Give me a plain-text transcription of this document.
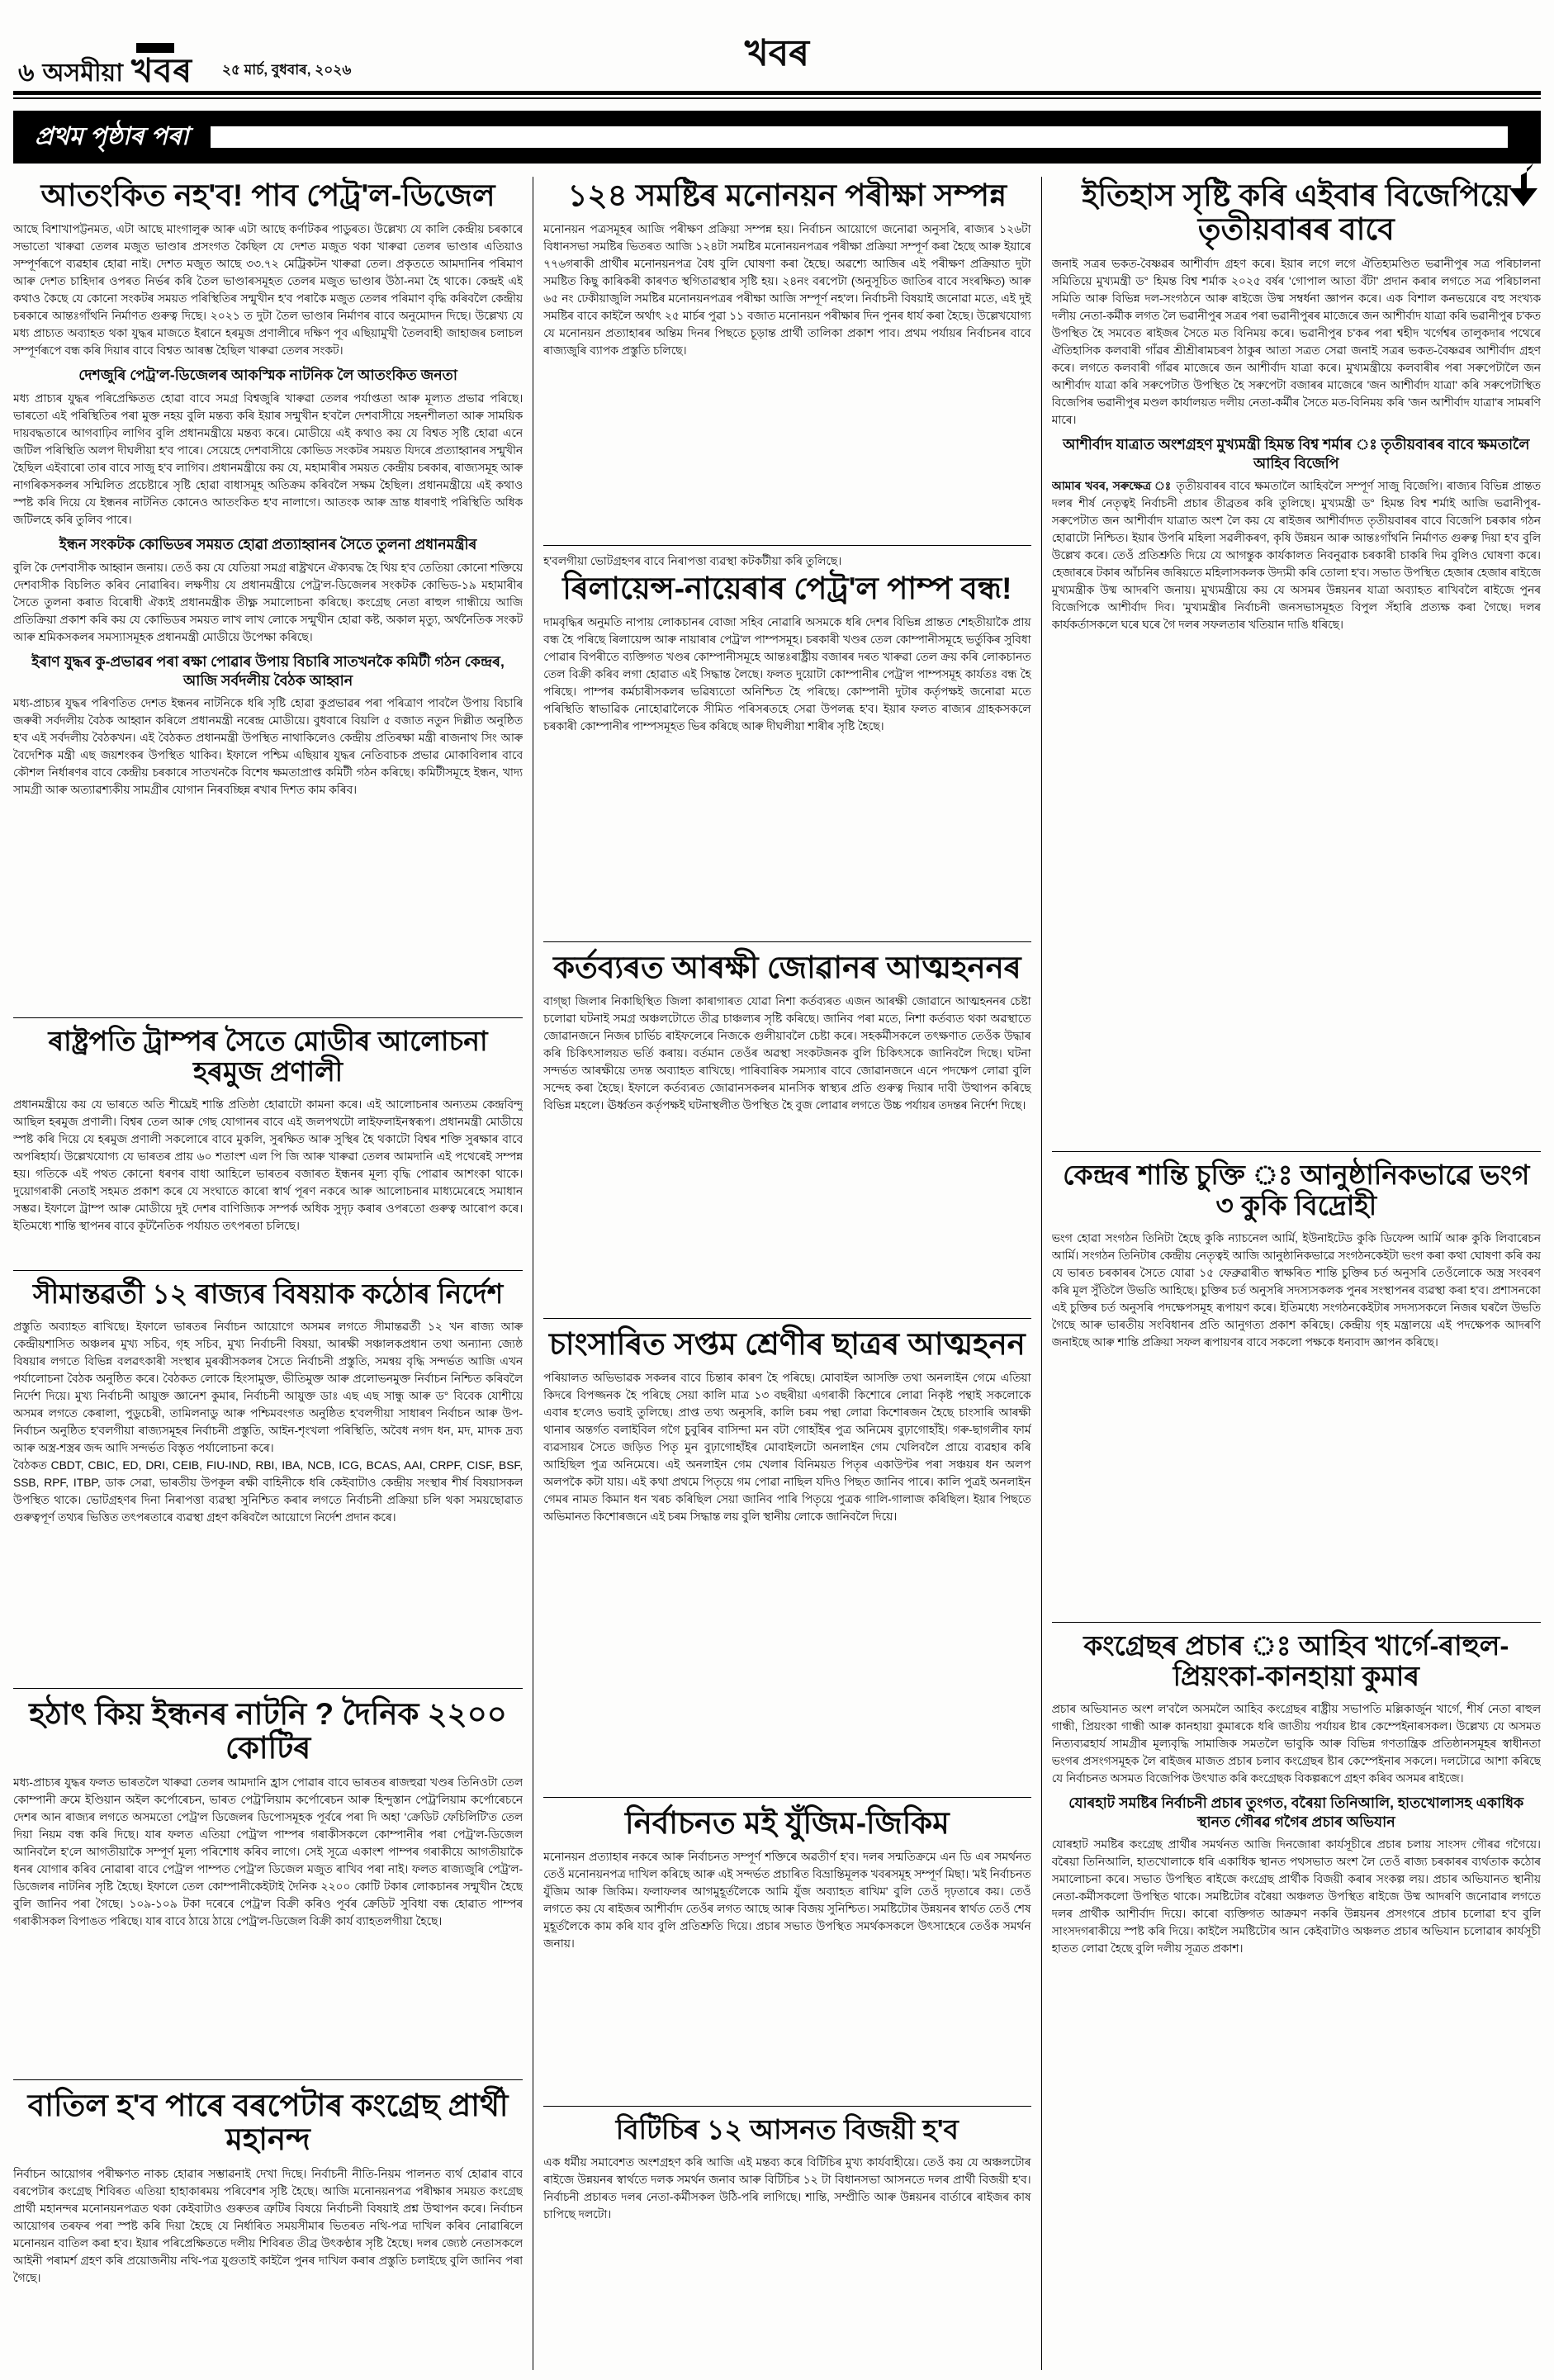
৬ অসমীয়া খবৰ ২৫ মাৰ্চ, বুধবাৰ, ২০২৬	খবৰ
প্ৰথম পৃষ্ঠাৰ পৰা
আতংকিত নহ'ব! পাব পেট্ৰ'ল-ডিজেল
আছে বিশাখাপট্টনমত, এটা আছে মাংগালুৰু আৰু এটা আছে কৰ্ণাটকৰ পাডুৰত। উল্লেখ্য যে কালি কেন্দ্ৰীয় চৰকাৰে সভাতো খাৰুৱা তেলৰ মজুত ভাণ্ডাৰ প্ৰসংগত কৈছিল যে দেশত মজুত থকা খাৰুৱা তেলৰ ভাণ্ডাৰ এতিয়াও সম্পূৰ্ণৰূপে ব্যৱহাৰ হোৱা নাই। দেশত মজুত আছে ৩৩.৭২ মেট্ৰিকটন খাৰুৱা তেল। প্ৰকৃততে আমদানিৰ পৰিমাণ আৰু দেশত চাহিদাৰ ওপৰত নিৰ্ভৰ কৰি তৈল ভাণ্ডাৰসমূহত তেলৰ মজুত ভাণ্ডাৰ উঠা-নমা হৈ থাকে। কেন্দ্ৰই এই কথাও কৈছে যে কোনো সংকটৰ সময়ত পৰিস্থিতিৰ সন্মুখীন হ'ব পৰাকৈ মজুত তেলৰ পৰিমাণ বৃদ্ধি কৰিবলৈ কেন্দ্ৰীয় চৰকাৰে আন্তঃগাঁথনি নিৰ্মাণত গুৰুত্ব দিছে। ২০২১ ত দুটা তৈল ভাণ্ডাৰ নিৰ্মাণৰ বাবে অনুমোদন দিছে। উল্লেখ্য যে মধ্য প্ৰাচ্যত অব্যাহত থকা যুদ্ধৰ মাজতে ইৰানে হৰমুজ প্ৰণালীৰে দক্ষিণ পূব এছিয়ামুখী তৈলবাহী জাহাজৰ চলাচল সম্পূৰ্ণৰূপে বন্ধ কৰি দিয়াৰ বাবে বিশ্বত আৰম্ভ হৈছিল খাৰুৱা তেলৰ সংকট।
দেশজুৰি পেট্ৰ'ল-ডিজেলৰ আকস্মিক নাটনিক লৈ আতংকিত জনতা
মধ্য প্ৰাচ্যৰ যুদ্ধৰ পৰিপ্ৰেক্ষিতত হোৱা বাবে সমগ্ৰ বিশ্বজুৰি খাৰুৱা তেলৰ পৰ্যাপ্ততা আৰু মূল্যত প্ৰভাৱ পৰিছে। ভাৰতো এই পৰিস্থিতিৰ পৰা মুক্ত নহয় বুলি মন্তব্য কৰি ইয়াৰ সন্মুখীন হ'বলৈ দেশবাসীয়ে সহনশীলতা আৰু সাময়িক দায়বদ্ধতাৰে আগবাঢ়িব লাগিব বুলি প্ৰধানমন্ত্ৰীয়ে মন্তব্য কৰে। মোডীয়ে এই কথাও কয় যে বিশ্বত সৃষ্টি হোৱা এনে জটিল পৰিস্থিতি অলপ দীঘলীয়া হ'ব পাৰে। সেয়েহে দেশবাসীয়ে কোভিড সংকটৰ সময়ত যিদৰে প্ৰত্যাহ্বানৰ সন্মুখীন হৈছিল এইবাৰো তাৰ বাবে সাজু হ'ব লাগিব। প্ৰধানমন্ত্ৰীয়ে কয় যে, মহামাৰীৰ সময়ত কেন্দ্ৰীয় চৰকাৰ, ৰাজ্যসমূহ আৰু নাগৰিকসকলৰ সন্মিলিত প্ৰচেষ্টাৰে সৃষ্টি হোৱা বাধাসমূহ অতিক্ৰম কৰিবলৈ সক্ষম হৈছিল। প্ৰধানমন্ত্ৰীয়ে এই কথাও স্পষ্ট কৰি দিয়ে যে ইন্ধনৰ নাটনিত কোনেও আতংকিত হ'ব নালাগে। আতংক আৰু ভ্ৰান্ত ধাৰণাই পৰিস্থিতি অধিক জটিলহে কৰি তুলিব পাৰে।
ইন্ধন সংকটক কোভিডৰ সময়ত হোৱা প্ৰত্যাহ্বানৰ সৈতে তুলনা প্ৰধানমন্ত্ৰীৰ
বুলি কৈ দেশবাসীক আহ্বান জনায়। তেওঁ কয় যে যেতিয়া সমগ্ৰ ৰাষ্ট্ৰখনে ঐক্যবদ্ধ হৈ থিয় হ'ব তেতিয়া কোনো শক্তিয়ে দেশবাসীক বিচলিত কৰিব নোৱাৰিব। লক্ষণীয় যে প্ৰধানমন্ত্ৰীয়ে পেট্ৰ'ল-ডিজেলৰ সংকটক কোভিড-১৯ মহামাৰীৰ সৈতে তুলনা কৰাত বিৰোধী ঐক্যই প্ৰধানমন্ত্ৰীক তীক্ষ্ণ সমালোচনা কৰিছে। কংগ্ৰেছ নেতা ৰাহুল গান্ধীয়ে আজি প্ৰতিক্ৰিয়া প্ৰকাশ কৰি কয় যে কোভিডৰ সময়ত লাখ লাখ লোকে সন্মুখীন হোৱা কষ্ট, অকাল মৃত্যু, অৰ্থনৈতিক সংকট আৰু শ্ৰমিকসকলৰ সমস্যাসমূহক প্ৰধানমন্ত্ৰী মোডীয়ে উপেক্ষা কৰিছে।
ইৰাণ যুদ্ধৰ কু-প্ৰভাৱৰ পৰা ৰক্ষা পোৱাৰ উপায় বিচাৰি সাতখনকৈ কমিটী গঠন কেন্দ্ৰৰ, আজি সৰ্বদলীয় বৈঠক আহ্বান
মধ্য-প্ৰাচ্যৰ যুদ্ধৰ পৰিণতিত দেশত ইন্ধনৰ নাটনিকে ধৰি সৃষ্টি হোৱা কুপ্ৰভাৱৰ পৰা পৰিত্ৰাণ পাবলৈ উপায় বিচাৰি জৰুৰী সৰ্বদলীয় বৈঠক আহ্বান কৰিলে প্ৰধানমন্ত্ৰী নৰেন্দ্ৰ মোডীয়ে। বুধবাৰে বিয়লি ৫ বজাত নতুন দিল্লীত অনুষ্ঠিত হ'ব এই সৰ্বদলীয় বৈঠকখন। এই বৈঠকত প্ৰধানমন্ত্ৰী উপস্থিত নাথাকিলেও কেন্দ্ৰীয় প্ৰতিৰক্ষা মন্ত্ৰী ৰাজনাথ সিং আৰু বৈদেশিক মন্ত্ৰী এছ জয়শংকৰ উপস্থিত থাকিব। ইফালে পশ্চিম এছিয়াৰ যুদ্ধৰ নেতিবাচক প্ৰভাৱ মোকাবিলাৰ বাবে কৌশল নিৰ্ধাৰণৰ বাবে কেন্দ্ৰীয় চৰকাৰে সাতখনকৈ বিশেষ ক্ষমতাপ্ৰাপ্ত কমিটী গঠন কৰিছে। কমিটীসমূহে ইন্ধন, খাদ্য সামগ্ৰী আৰু অত্যাৱশ্যকীয় সামগ্ৰীৰ যোগান নিৰবচ্ছিন্ন ৰখাৰ দিশত কাম কৰিব।
ৰাষ্ট্ৰপতি ট্ৰাম্পৰ সৈতে মোডীৰ আলোচনা হৰমুজ প্ৰণালী
প্ৰধানমন্ত্ৰীয়ে কয় যে ভাৰতে অতি শীঘ্ৰেই শান্তি প্ৰতিষ্ঠা হোৱাটো কামনা কৰে। এই আলোচনাৰ অন্যতম কেন্দ্ৰবিন্দু আছিল হৰমুজ প্ৰণালী। বিশ্বৰ তেল আৰু গেছ যোগানৰ বাবে এই জলপথটো লাইফলাইনস্বৰূপ। প্ৰধানমন্ত্ৰী মোডীয়ে স্পষ্ট কৰি দিয়ে যে হৰমুজ প্ৰণালী সকলোৰে বাবে মুকলি, সুৰক্ষিত আৰু সুস্থিৰ হৈ থকাটো বিশ্বৰ শক্তি সুৰক্ষাৰ বাবে অপৰিহাৰ্য। উল্লেখযোগ্য যে ভাৰতৰ প্ৰায় ৬০ শতাংশ এল পি জি আৰু খাৰুৱা তেলৰ আমদানি এই পথেৰেই সম্পন্ন হয়। গতিকে এই পথত কোনো ধৰণৰ বাধা আহিলে ভাৰতৰ বজাৰত ইন্ধনৰ মূল্য বৃদ্ধি পোৱাৰ আশংকা থাকে। দুয়োগৰাকী নেতাই সহমত প্ৰকাশ কৰে যে সংঘাতে কাৰো স্বাৰ্থ পূৰণ নকৰে আৰু আলোচনাৰ মাধ্যমেৰেহে সমাধান সম্ভৱ। ইফালে ট্ৰাম্প আৰু মোডীয়ে দুই দেশৰ বাণিজ্যিক সম্পৰ্ক অধিক সুদৃঢ় কৰাৰ ওপৰতো গুৰুত্ব আৰোপ কৰে। ইতিমধ্যে শান্তি স্থাপনৰ বাবে কূটনৈতিক পৰ্যায়ত তৎপৰতা চলিছে।
সীমান্তৱৰ্তী ১২ ৰাজ্যৰ বিষয়াক কঠোৰ নিৰ্দেশ
প্ৰস্তুতি অব্যাহত ৰাখিছে। ইফালে ভাৰতৰ নিৰ্বাচন আয়োগে অসমৰ লগতে সীমান্তৱৰ্তী ১২ খন ৰাজ্য আৰু কেন্দ্ৰীয়শাসিত অঞ্চলৰ মুখ্য সচিব, গৃহ সচিব, মুখ্য নিৰ্বাচনী বিষয়া, আৰক্ষী সঞ্চালকপ্ৰধান তথা অন্যান্য জ্যেষ্ঠ বিষয়াৰ লগতে বিভিন্ন বলৱৎকাৰী সংস্থাৰ মুৰব্বীসকলৰ সৈতে নিৰ্বাচনী প্ৰস্তুতি, সমন্বয় বৃদ্ধি সন্দৰ্ভত আজি এখন পৰ্যালোচনা বৈঠক অনুষ্ঠিত কৰে। বৈঠকত লোকে হিংসামুক্ত, ভীতিমুক্ত আৰু প্ৰলোভনমুক্ত নিৰ্বাচন নিশ্চিত কৰিবলৈ নিৰ্দেশ দিয়ে। মুখ্য নিৰ্বাচনী আয়ুক্ত জ্ঞানেশ কুমাৰ, নিৰ্বাচনী আয়ুক্ত ডাঃ এছ এছ সান্ধু আৰু ড° বিবেক যোশীয়ে অসমৰ লগতে কেৰালা, পুডুচেৰী, তামিলনাডু আৰু পশ্চিমবংগত অনুষ্ঠিত হ'বলগীয়া সাধাৰণ নিৰ্বাচন আৰু উপ-নিৰ্বাচন অনুষ্ঠিত হ'বলগীয়া ৰাজ্যসমূহৰ নিৰ্বাচনী প্ৰস্তুতি, আইন-শৃংখলা পৰিস্থিতি, অবৈধ নগদ ধন, মদ, মাদক দ্ৰব্য আৰু অস্ত্ৰ-শস্ত্ৰৰ জব্দ আদি সন্দৰ্ভত বিস্তৃত পৰ্যালোচনা কৰে।
বৈঠকত CBDT, CBIC, ED, DRI, CEIB, FIU-IND, RBI, IBA, NCB, ICG, BCAS, AAI, CRPF, CISF, BSF, SSB, RPF, ITBP, ডাক সেৱা, ভাৰতীয় উপকূল ৰক্ষী বাহিনীকে ধৰি কেইবাটাও কেন্দ্ৰীয় সংস্থাৰ শীৰ্ষ বিষয়াসকল উপস্থিত থাকে। ভোটগ্ৰহণৰ দিনা নিৰাপত্তা ব্যৱস্থা সুনিশ্চিত কৰাৰ লগতে নিৰ্বাচনী প্ৰক্ৰিয়া চলি থকা সময়ছোৱাত গুৰুত্বপূৰ্ণ তথ্যৰ ভিত্তিত তৎপৰতাৰে ব্যৱস্থা গ্ৰহণ কৰিবলৈ আয়োগে নিৰ্দেশ প্ৰদান কৰে।
হঠাৎ কিয় ইন্ধনৰ নাটনি ? দৈনিক ২২০০ কোটিৰ
মধ্য-প্ৰাচ্যৰ যুদ্ধৰ ফলত ভাৰতলৈ খাৰুৱা তেলৰ আমদানি হ্ৰাস পোৱাৰ বাবে ভাৰতৰ ৰাজহুৱা খণ্ডৰ তিনিওটা তেল কোম্পানী ক্ৰমে ইণ্ডিয়ান অইল কৰ্পোৰেচন, ভাৰত পেট্ৰ'লিয়াম কৰ্পোৰেচন আৰু হিন্দুস্তান পেট্ৰ'লিয়াম কৰ্পোৰেচনে দেশৰ আন ৰাজ্যৰ লগতে অসমতো পেট্ৰ'ল ডিজেলৰ ডিপোসমূহক পূৰ্বৰে পৰা দি অহা 'ক্ৰেডিট ফেচিলিটি'ত তেল দিয়া নিয়ম বন্ধ কৰি দিছে। যাৰ ফলত এতিয়া পেট্ৰ'ল পাম্পৰ গৰাকীসকলে কোম্পানীৰ পৰা পেট্ৰ'ল-ডিজেল আনিবলৈ হ'লে আগতীয়াকৈ সম্পূৰ্ণ মূল্য পৰিশোধ কৰিব লাগে। সেই সূত্ৰে একাংশ পাম্পৰ গৰাকীয়ে আগতীয়াকৈ ধনৰ যোগাৰ কৰিব নোৱাৰা বাবে পেট্ৰ'ল পাম্পত পেট্ৰ'ল ডিজেল মজুত ৰাখিব পৰা নাই। ফলত ৰাজ্যজুৰি পেট্ৰ'ল-ডিজেলৰ নাটনিৰ সৃষ্টি হৈছে। ইফালে তেল কোম্পানীকেইটাই দৈনিক ২২০০ কোটি টকাৰ লোকচানৰ সন্মুখীন হৈছে বুলি জানিব পৰা গৈছে। ১০৯-১০৯ টকা দৰেৰে পেট্ৰ'ল বিক্ৰী কৰিও পূৰ্বৰ ক্ৰেডিট সুবিধা বন্ধ হোৱাত পাম্পৰ গৰাকীসকল বিপাঙত পৰিছে। যাৰ বাবে ঠায়ে ঠায়ে পেট্ৰ'ল-ডিজেল বিক্ৰী কাৰ্য ব্যাহতলগীয়া হৈছে।
বাতিল হ'ব পাৰে বৰপেটাৰ কংগ্ৰেছ প্ৰাৰ্থী মহানন্দ
নিৰ্বাচন আয়োগৰ পৰীক্ষণত নাকচ হোৱাৰ সম্ভাৱনাই দেখা দিছে। নিৰ্বাচনী নীতি-নিয়ম পালনত ব্যৰ্থ হোৱাৰ বাবে বৰপেটাৰ কংগ্ৰেছ শিবিৰত এতিয়া হাহাকাৰময় পৰিবেশৰ সৃষ্টি হৈছে। আজি মনোনয়নপত্ৰ পৰীক্ষাৰ সময়ত কংগ্ৰেছ প্ৰাৰ্থী মহানন্দৰ মনোনয়নপত্ৰত থকা কেইবাটাও গুৰুতৰ ত্ৰুটিৰ বিষয়ে নিৰ্বাচনী বিষয়াই প্ৰশ্ন উত্থাপন কৰে। নিৰ্বাচন আয়োগৰ তৰফৰ পৰা স্পষ্ট কৰি দিয়া হৈছে যে নিৰ্ধাৰিত সময়সীমাৰ ভিতৰত নথি-পত্ৰ দাখিল কৰিব নোৱাৰিলে মনোনয়ন বাতিল কৰা হ'ব। ইয়াৰ পৰিপ্ৰেক্ষিততে দলীয় শিবিৰত তীব্ৰ উৎকণ্ঠাৰ সৃষ্টি হৈছে। দলৰ জ্যেষ্ঠ নেতাসকলে আইনী পৰামৰ্শ গ্ৰহণ কৰি প্ৰয়োজনীয় নথি-পত্ৰ যুগুতাই কাইলৈ পুনৰ দাখিল কৰাৰ প্ৰস্তুতি চলাইছে বুলি জানিব পৰা গৈছে।
১২৪ সমষ্টিৰ মনোনয়ন পৰীক্ষা সম্পন্ন
মনোনয়ন পত্ৰসমূহৰ আজি পৰীক্ষণ প্ৰক্ৰিয়া সম্পন্ন হয়। নিৰ্বাচন আয়োগে জনোৱা অনুসৰি, ৰাজ্যৰ ১২৬টা বিধানসভা সমষ্টিৰ ভিতৰত আজি ১২৪টা সমষ্টিৰ মনোনয়নপত্ৰৰ পৰীক্ষা প্ৰক্ৰিয়া সম্পূৰ্ণ কৰা হৈছে আৰু ইয়াৰে ৭৭৬গৰাকী প্ৰাৰ্থীৰ মনোনয়নপত্ৰ বৈধ বুলি ঘোষণা কৰা হৈছে। অৱশ্যে আজিৰ এই পৰীক্ষণ প্ৰক্ৰিয়াত দুটা সমষ্টিত কিছু কাৰিকৰী কাৰণত স্থগিতাৱস্থাৰ সৃষ্টি হয়। ২৪নং বৰপেটা (অনুসূচিত জাতিৰ বাবে সংৰক্ষিত) আৰু ৬৫ নং ঢেকীয়াজুলি সমষ্টিৰ মনোনয়নপত্ৰৰ পৰীক্ষা আজি সম্পূৰ্ণ নহ'ল। নিৰ্বাচনী বিষয়াই জনোৱা মতে, এই দুই সমষ্টিৰ বাবে কাইলৈ অৰ্থাৎ ২৫ মাৰ্চৰ পুৱা ১১ বজাত মনোনয়ন পৰীক্ষাৰ দিন পুনৰ ধাৰ্য কৰা হৈছে। উল্লেখযোগ্য যে মনোনয়ন প্ৰত্যাহাৰৰ অন্তিম দিনৰ পিছতে চূড়ান্ত প্ৰাৰ্থী তালিকা প্ৰকাশ পাব। প্ৰথম পৰ্যায়ৰ নিৰ্বাচনৰ বাবে ৰাজ্যজুৰি ব্যাপক প্ৰস্তুতি চলিছে।
হ'বলগীয়া ভোটগ্ৰহণৰ বাবে নিৰাপত্তা ব্যৱস্থা কটকটীয়া কৰি তুলিছে।
ৰিলায়েন্স-নায়েৰাৰ পেট্ৰ'ল পাম্প বন্ধ!
দামবৃদ্ধিৰ অনুমতি নাপায় লোকচানৰ বোজা সহিব নোৱাৰি অসমকে ধৰি দেশৰ বিভিন্ন প্ৰান্তত শেহতীয়াকৈ প্ৰায় বন্ধ হৈ পৰিছে ৰিলায়েন্স আৰু নায়াৰাৰ পেট্ৰ'ল পাম্পসমূহ। চৰকাৰী খণ্ডৰ তেল কোম্পানীসমূহে ভৰ্তুকিৰ সুবিধা পোৱাৰ বিপৰীতে ব্যক্তিগত খণ্ডৰ কোম্পানীসমূহে আন্তঃৰাষ্ট্ৰীয় বজাৰৰ দৰত খাৰুৱা তেল ক্ৰয় কৰি লোকচানত তেল বিক্ৰী কৰিব লগা হোৱাত এই সিদ্ধান্ত লৈছে। ফলত দুয়োটা কোম্পানীৰ পেট্ৰ'ল পাম্পসমূহ কাৰ্যতঃ বন্ধ হৈ পৰিছে। পাম্পৰ কৰ্মচাৰীসকলৰ ভৱিষ্যতো অনিশ্চিত হৈ পৰিছে। কোম্পানী দুটাৰ কৰ্তৃপক্ষই জনোৱা মতে পৰিস্থিতি স্বাভাৱিক নোহোৱালৈকে সীমিত পৰিসৰতহে সেৱা উপলব্ধ হ'ব। ইয়াৰ ফলত ৰাজ্যৰ গ্ৰাহকসকলে চৰকাৰী কোম্পানীৰ পাম্পসমূহত ভিৰ কৰিছে আৰু দীঘলীয়া শাৰীৰ সৃষ্টি হৈছে।
কৰ্তব্যৰত আৰক্ষী জোৱানৰ আত্মহননৰ
বাগ্‌ছা জিলাৰ নিকাছিস্থিত জিলা কাৰাগাৰত যোৱা নিশা কৰ্তব্যৰত এজন আৰক্ষী জোৱানে আত্মহননৰ চেষ্টা চলোৱা ঘটনাই সমগ্ৰ অঞ্চলটোতে তীব্ৰ চাঞ্চল্যৰ সৃষ্টি কৰিছে। জানিব পৰা মতে, নিশা কৰ্তব্যত থকা অৱস্থাতে জোৱানজনে নিজৰ চাৰ্ভিচ ৰাইফলেৰে নিজকে গুলীয়াবলৈ চেষ্টা কৰে। সহকৰ্মীসকলে তৎক্ষণাত তেওঁক উদ্ধাৰ কৰি চিকিৎসালয়ত ভৰ্তি কৰায়। বৰ্তমান তেওঁৰ অৱস্থা সংকটজনক বুলি চিকিৎসকে জানিবলৈ দিছে। ঘটনা সন্দৰ্ভত আৰক্ষীয়ে তদন্ত অব্যাহত ৰাখিছে। পাৰিবাৰিক সমস্যাৰ বাবে জোৱানজনে এনে পদক্ষেপ লোৱা বুলি সন্দেহ কৰা হৈছে। ইফালে কৰ্তব্যৰত জোৱানসকলৰ মানসিক স্বাস্থ্যৰ প্ৰতি গুৰুত্ব দিয়াৰ দাবী উত্থাপন কৰিছে বিভিন্ন মহলে। ঊৰ্ধ্বতন কৰ্তৃপক্ষই ঘটনাস্থলীত উপস্থিত হৈ বুজ লোৱাৰ লগতে উচ্চ পৰ্যায়ৰ তদন্তৰ নিৰ্দেশ দিছে।
চাংসাৰিত সপ্তম শ্ৰেণীৰ ছাত্ৰৰ আত্মহনন
পৰিয়ালত অভিভাৱক সকলৰ বাবে চিন্তাৰ কাৰণ হৈ পৰিছে। মোবাইল আসক্তি তথা অনলাইন গেমে এতিয়া কিদৰে বিপজ্জনক হৈ পৰিছে সেয়া কালি মাত্ৰ ১৩ বছৰীয়া এগৰাকী কিশোৰে লোৱা নিকৃষ্ট পন্থাই সকলোকে এবাৰ হ'লেও ভবাই তুলিছে। প্ৰাপ্ত তথ্য অনুসৰি, কালি চৰম পন্থা লোৱা কিশোৰজন হৈছে চাংসাৰি আৰক্ষী থানাৰ অন্তৰ্গত বলাইবিল গগৈ চুবুৰিৰ বাসিন্দা মন বটা গোহাঁইৰ পুত্ৰ অনিমেষ বুঢ়াগোহাঁই। গৰু-ছাগলীৰ ফাৰ্ম ব্যৱসায়ৰ সৈতে জড়িত পিতৃ মুন বুঢ়াগোহাঁইৰ মোবাইলটো অনলাইন গেম খেলিবলৈ প্ৰায়ে ব্যৱহাৰ কৰি আহিছিল পুত্ৰ অনিমেষে। এই অনলাইন গেম খেলাৰ বিনিময়ত পিতৃৰ একাউণ্টৰ পৰা সঞ্চয়ৰ ধন অলপ অলপকৈ কটা যায়। এই কথা প্ৰথমে পিতৃয়ে গম পোৱা নাছিল যদিও পিছত জানিব পাৰে। কালি পুত্ৰই অনলাইন গেমৰ নামত কিমান ধন খৰচ কৰিছিল সেয়া জানিব পাৰি পিতৃয়ে পুত্ৰক গালি-গালাজ কৰিছিল। ইয়াৰ পিছতে অভিমানত কিশোৰজনে এই চৰম সিদ্ধান্ত লয় বুলি স্থানীয় লোকে জানিবলৈ দিয়ে।
নিৰ্বাচনত মই যুঁজিম-জিকিম
মনোনয়ন প্ৰত্যাহাৰ নকৰে আৰু নিৰ্বাচনত সম্পূৰ্ণ শক্তিৰে অৱতীৰ্ণ হ'ব। দলৰ সন্মতিক্ৰমে এন ডি এৰ সমৰ্থনত তেওঁ মনোনয়নপত্ৰ দাখিল কৰিছে আৰু এই সন্দৰ্ভত প্ৰচাৰিত বিভ্ৰান্তিমূলক খবৰসমূহ সম্পূৰ্ণ মিছা। 'মই নিৰ্বাচনত যুঁজিম আৰু জিকিম। ফলাফলৰ আগমুহূৰ্তলৈকে আমি যুঁজ অব্যাহত ৰাখিম' বুলি তেওঁ দৃঢ়তাৰে কয়। তেওঁ লগতে কয় যে ৰাইজৰ আশীৰ্বাদ তেওঁৰ লগত আছে আৰু বিজয় সুনিশ্চিত। সমষ্টিটোৰ উন্নয়নৰ স্বাৰ্থত তেওঁ শেষ মুহূৰ্তলৈকে কাম কৰি যাব বুলি প্ৰতিশ্ৰুতি দিয়ে। প্ৰচাৰ সভাত উপস্থিত সমৰ্থকসকলে উৎসাহেৰে তেওঁক সমৰ্থন জনায়।
বিটিচিৰ ১২ আসনত বিজয়ী হ'ব
এক ধৰ্মীয় সমাবেশত অংশগ্ৰহণ কৰি আজি এই মন্তব্য কৰে বিটিচিৰ মুখ্য কাৰ্যবাহীয়ে। তেওঁ কয় যে অঞ্চলটোৰ ৰাইজে উন্নয়নৰ স্বাৰ্থতে দলক সমৰ্থন জনাব আৰু বিটিচিৰ ১২ টা বিধানসভা আসনতে দলৰ প্ৰাৰ্থী বিজয়ী হ'ব। নিৰ্বাচনী প্ৰচাৰত দলৰ নেতা-কৰ্মীসকল উঠি-পৰি লাগিছে। শান্তি, সম্প্ৰীতি আৰু উন্নয়নৰ বাৰ্তাৰে ৰাইজৰ কাষ চাপিছে দলটো।
ইতিহাস সৃষ্টি কৰি এইবাৰ বিজেপিয়ে তৃতীয়বাৰৰ বাবে
জনাই সত্ৰৰ ভকত-বৈষ্ণৱৰ আশীৰ্বাদ গ্ৰহণ কৰে। ইয়াৰ লগে লগে ঐতিহ্যমণ্ডিত ভৱানীপুৰ সত্ৰ পৰিচালনা সমিতিয়ে মুখ্যমন্ত্ৰী ড° হিমন্ত বিশ্ব শৰ্মাক ২০২৫ বৰ্ষৰ 'গোপাল আতা বঁটা' প্ৰদান কৰাৰ লগতে সত্ৰ পৰিচালনা সমিতি আৰু বিভিন্ন দল-সংগঠনে আৰু ৰাইজে উষ্ম সম্বৰ্ধনা জ্ঞাপন কৰে। এক বিশাল কনভয়েৰে বহু সংখ্যক দলীয় নেতা-কৰ্মীক লগত লৈ ভৱানীপুৰ সত্ৰৰ পৰা ভৱানীপুৰৰ মাজেৰে জন আশীৰ্বাদ যাত্ৰা কৰি ভৱানীপুৰ চ'কত উপস্থিত হৈ সমবেত ৰাইজৰ সৈতে মত বিনিময় কৰে। ভৱানীপুৰ চ'কৰ পৰা শ্বহীদ খৰ্গেশ্বৰ তালুকদাৰ পথেৰে ঐতিহাসিক কলবাৰী গাঁৱৰ শ্ৰীশ্ৰীৰামচৰণ ঠাকুৰ আতা সত্ৰত সেৱা জনাই সত্ৰৰ ভকত-বৈষ্ণৱৰ আশীৰ্বাদ গ্ৰহণ কৰে। লগতে কলবাৰী গাঁৱৰ মাজেৰে জন আশীৰ্বাদ যাত্ৰা কৰে। মুখ্যমন্ত্ৰীয়ে কলবাৰীৰ পৰা সৰুপেটালৈ জন আশীৰ্বাদ যাত্ৰা কৰি সৰুপেটাত উপস্থিত হৈ সৰুপেটা বজাৰৰ মাজেৰে 'জন আশীৰ্বাদ যাত্ৰা' কৰি সৰুপেটাস্থিত বিজেপিৰ ভৱানীপুৰ মণ্ডল কাৰ্যালয়ত দলীয় নেতা-কৰ্মীৰ সৈতে মত-বিনিময় কৰি 'জন আশীৰ্বাদ যাত্ৰা'ৰ সামৰণি মাৰে।
আশীৰ্বাদ যাত্ৰাত অংশগ্ৰহণ মুখ্যমন্ত্ৰী হিমন্ত বিশ্ব শৰ্মাৰ ঃ তৃতীয়বাৰৰ বাবে ক্ষমতালৈ আহিব বিজেপি
আমাৰ খবৰ, সৰুক্ষেত্ৰ ঃ তৃতীয়বাৰৰ বাবে ক্ষমতালৈ আহিবলৈ সম্পূৰ্ণ সাজু বিজেপি। ৰাজ্যৰ বিভিন্ন প্ৰান্তত দলৰ শীৰ্ষ নেতৃত্বই নিৰ্বাচনী প্ৰচাৰ তীব্ৰতৰ কৰি তুলিছে। মুখ্যমন্ত্ৰী ড° হিমন্ত বিশ্ব শৰ্মাই আজি ভৱানীপুৰ-সৰুপেটাত জন আশীৰ্বাদ যাত্ৰাত অংশ লৈ কয় যে ৰাইজৰ আশীৰ্বাদত তৃতীয়বাৰৰ বাবে বিজেপি চৰকাৰ গঠন হোৱাটো নিশ্চিত। ইয়াৰ উপৰি মহিলা সৱলীকৰণ, কৃষি উন্নয়ন আৰু আন্তঃগাঁথনি নিৰ্মাণত গুৰুত্ব দিয়া হ'ব বুলি উল্লেখ কৰে। তেওঁ প্ৰতিশ্ৰুতি দিয়ে যে আগন্তুক কাৰ্যকালত নিবনুৱাক চৰকাৰী চাকৰি দিম বুলিও ঘোষণা কৰে। হেজাৰৰে টকাৰ আঁচনিৰ জৰিয়তে মহিলাসকলক উদ্যমী কৰি তোলা হ'ব। সভাত উপস্থিত হেজাৰ হেজাৰ ৰাইজে মুখ্যমন্ত্ৰীক উষ্ম আদৰণি জনায়। মুখ্যমন্ত্ৰীয়ে কয় যে অসমৰ উন্নয়নৰ যাত্ৰা অব্যাহত ৰাখিবলৈ ৰাইজে পুনৰ বিজেপিকে আশীৰ্বাদ দিব। 'মুখ্যমন্ত্ৰীৰ নিৰ্বাচনী জনসভাসমূহত বিপুল সঁহাৰি প্ৰত্যক্ষ কৰা গৈছে। দলৰ কাৰ্যকৰ্তাসকলে ঘৰে ঘৰে গৈ দলৰ সফলতাৰ খতিয়ান দাঙি ধৰিছে।
কেন্দ্ৰৰ শান্তি চুক্তি ঃ আনুষ্ঠানিকভাৱে ভংগ ৩ কুকি বিদ্ৰোহী
ভংগ হোৱা সংগঠন তিনিটা হৈছে কুকি ন্যাচনেল আৰ্মি, ইউনাইটেড কুকি ডিফেন্স আৰ্মি আৰু কুকি লিবাৰেচন আৰ্মি। সংগঠন তিনিটাৰ কেন্দ্ৰীয় নেতৃত্বই আজি আনুষ্ঠানিকভাৱে সংগঠনকেইটা ভংগ কৰা কথা ঘোষণা কৰি কয় যে ভাৰত চৰকাৰৰ সৈতে যোৱা ১৫ ফেব্ৰুৱাৰীত স্বাক্ষৰিত শান্তি চুক্তিৰ চৰ্ত অনুসৰি তেওঁলোকে অস্ত্ৰ সংবৰণ কৰি মূল সুঁতিলৈ উভতি আহিছে। চুক্তিৰ চৰ্ত অনুসৰি সদস্যসকলক পুনৰ সংস্থাপনৰ ব্যৱস্থা কৰা হ'ব। প্ৰশাসনকো এই চুক্তিৰ চৰ্ত অনুসৰি পদক্ষেপসমূহ ৰূপায়ণ কৰে। ইতিমধ্যে সংগঠনকেইটাৰ সদস্যসকলে নিজৰ ঘৰলৈ উভতি গৈছে আৰু ভাৰতীয় সংবিধানৰ প্ৰতি আনুগত্য প্ৰকাশ কৰিছে। কেন্দ্ৰীয় গৃহ মন্ত্ৰালয়ে এই পদক্ষেপক আদৰণি জনাইছে আৰু শান্তি প্ৰক্ৰিয়া সফল ৰূপায়ণৰ বাবে সকলো পক্ষকে ধন্যবাদ জ্ঞাপন কৰিছে।
কংগ্ৰেছৰ প্ৰচাৰ ঃ আহিব খাৰ্গে-ৰাহুল-প্ৰিয়ংকা-কানহায়া কুমাৰ
প্ৰচাৰ অভিযানত অংশ ল'বলৈ অসমলৈ আহিব কংগ্ৰেছৰ ৰাষ্ট্ৰীয় সভাপতি মল্লিকাৰ্জুন খাৰ্গে, শীৰ্ষ নেতা ৰাহুল গান্ধী, প্ৰিয়ংকা গান্ধী আৰু কানহায়া কুমাৰকে ধৰি জাতীয় পৰ্যায়ৰ ষ্টাৰ কেম্পেইনাৰসকল। উল্লেখ্য যে অসমত নিত্যব্যৱহাৰ্য সামগ্ৰীৰ মূল্যবৃদ্ধি সামাজিক সমতলৈ ভাবুকি আৰু বিভিন্ন গণতান্ত্ৰিক প্ৰতিষ্ঠানসমূহৰ স্বাধীনতা ভংগৰ প্ৰসংগসমূহক লৈ ৰাইজৰ মাজত প্ৰচাৰ চলাব কংগ্ৰেছৰ ষ্টাৰ কেম্পেইনাৰ সকলে। দলটোৱে আশা কৰিছে যে নিৰ্বাচনত অসমত বিজেপিক উৎখাত কৰি কংগ্ৰেছক বিকল্পৰূপে গ্ৰহণ কৰিব অসমৰ ৰাইজে।
যোৰহাট সমষ্টিৰ নিৰ্বাচনী প্ৰচাৰ তুংগত, বৰৈয়া তিনিআলি, হাতখোলাসহ একাধিক স্থানত গৌৰৱ গগৈৰ প্ৰচাৰ অভিযান
যোৰহাট সমষ্টিৰ কংগ্ৰেছ প্ৰাৰ্থীৰ সমৰ্থনত আজি দিনজোৰা কাৰ্যসূচীৰে প্ৰচাৰ চলায় সাংসদ গৌৰৱ গগৈয়ে। বৰৈয়া তিনিআলি, হাতখোলাকে ধৰি একাধিক স্থানত পথসভাত অংশ লৈ তেওঁ ৰাজ্য চৰকাৰৰ ব্যৰ্থতাক কঠোৰ সমালোচনা কৰে। সভাত উপস্থিত ৰাইজে কংগ্ৰেছ প্ৰাৰ্থীক বিজয়ী কৰাৰ সংকল্প লয়। প্ৰচাৰ অভিযানত স্থানীয় নেতা-কৰ্মীসকলো উপস্থিত থাকে। সমষ্টিটোৰ বৰৈয়া অঞ্চলত উপস্থিত ৰাইজে উষ্ম আদৰণি জনোৱাৰ লগতে দলৰ প্ৰাৰ্থীক আশীৰ্বাদ দিয়ে। কাৰো ব্যক্তিগত আক্ৰমণ নকৰি উন্নয়নৰ প্ৰসংগৰে প্ৰচাৰ চলোৱা হ'ব বুলি সাংসদগৰাকীয়ে স্পষ্ট কৰি দিয়ে। কাইলৈ সমষ্টিটোৰ আন কেইবাটাও অঞ্চলত প্ৰচাৰ অভিযান চলোৱাৰ কাৰ্যসূচী হাতত লোৱা হৈছে বুলি দলীয় সূত্ৰত প্ৰকাশ।
